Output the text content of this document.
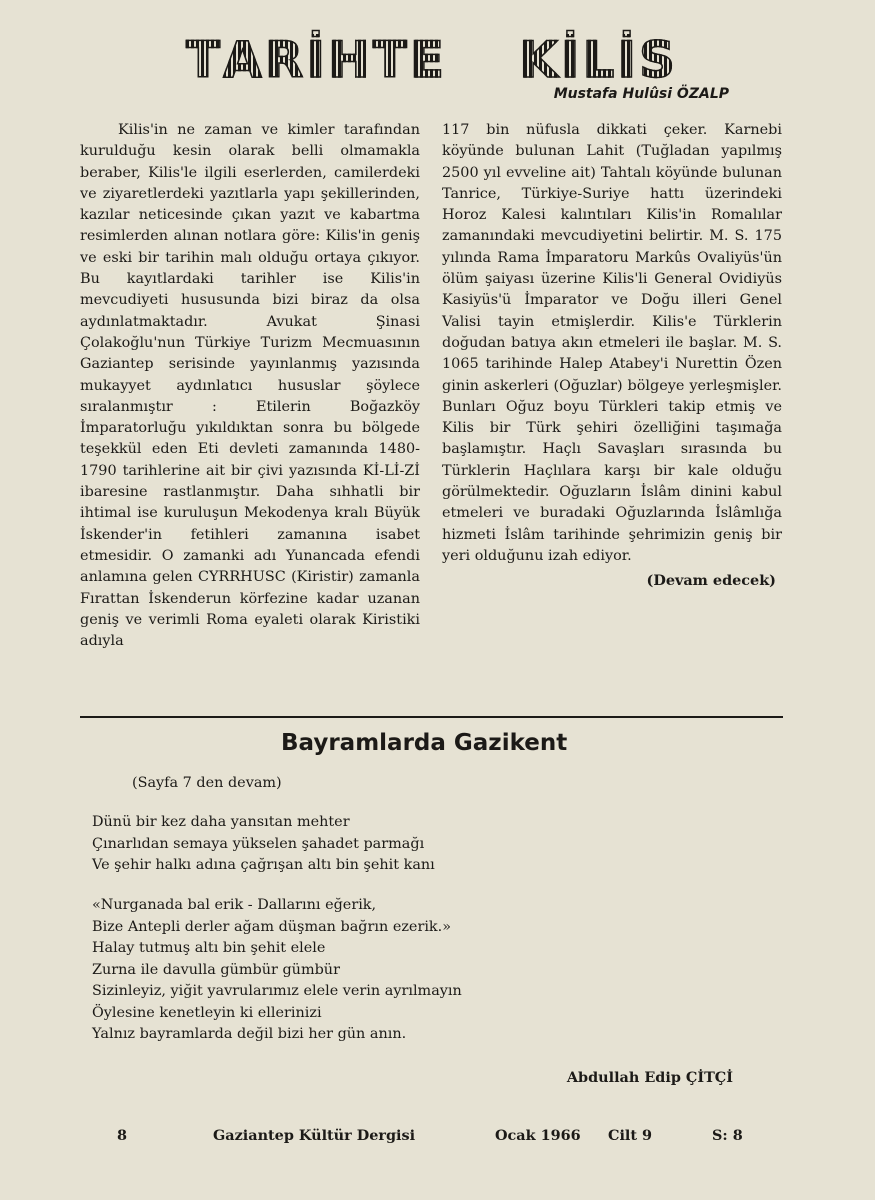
T A R İ H T E K İ L İ S
Mustafa Hulûsi ÖZALP

Kilis'in ne zaman ve kimler tarafından kurulduğu kesin olarak belli olmamakla beraber, Kilis'le ilgili eserlerden, camilerdeki ve ziyaretlerdeki yazıtlarla yapı şekillerinden, kazılar neticesinde çıkan yazıt ve kabartma resimlerden alınan notlara göre: Kilis'in geniş ve eski bir tarihin malı olduğu ortaya çıkıyor. Bu kayıtlardaki tarihler ise Kilis'in mevcudiyeti hususunda bizi biraz da olsa aydınlatmaktadır. Avukat Şinasi Çolakoğlu'nun Türkiye Turizm Mecmuasının Gaziantep serisinde yayınlanmış yazısında mukayyet aydınlatıcı hususlar şöylece sıralanmıştır : Etilerin Boğazköy İmparatorluğu yıkıldıktan sonra bu bölgede teşekkül eden Eti devleti zamanında 1480-1790 tarihlerine ait bir çivi yazısında Kİ-Lİ-Zİ ibaresine rastlanmıştır. Daha sıhhatli bir ihtimal ise kuruluşun Mekodenya kralı Büyük İskender'in fetihleri zamanına isabet etmesidir. O zamanki adı Yunancada efendi anlamına gelen CYRRHUSC (Kiristir) zamanla Fırattan İskenderun körfezine kadar uzanan geniş ve verimli Roma eyaleti olarak Kiristiki adıyla

117 bin nüfusla dikkati çeker. Karnebi köyünde bulunan Lahit (Tuğladan yapılmış 2500 yıl evveline ait) Tahtalı köyünde bulunan Tanrice, Türkiye-Suriye hattı üzerindeki Horoz Kalesi kalıntıları Kilis'in Romalılar zamanındaki mevcudiyetini belirtir. M. S. 175 yılında Rama İmparatoru Markûs Ovaliyüs'ün ölüm şaiyası üzerine Kilis'li General Ovidiyüs Kasiyüs'ü İmparator ve Doğu illeri Genel Valisi tayin etmişlerdir. Kilis'e Türklerin doğudan batıya akın etmeleri ile başlar. M. S. 1065 tarihinde Halep Atabey'i Nurettin Özen ginin askerleri (Oğuzlar) bölgeye yerleşmişler. Bunları Oğuz boyu Türkleri takip etmiş ve Kilis bir Türk şehiri özelliğini taşımağa başlamıştır. Haçlı Savaşları sırasında bu Türklerin Haçlılara karşı bir kale olduğu görülmektedir. Oğuzların İslâm dinini kabul etmeleri ve buradaki Oğuzlarında İslâmlığa hizmeti İslâm tarihinde şehrimizin geniş bir yeri olduğunu izah ediyor.

(Devam edecek)

Bayramlarda Gazikent
(Sayfa 7 den devam)
Dünü bir kez daha yansıtan mehter
Çınarlıdan semaya yükselen şahadet parmağı
Ve şehir halkı adına çağrışan altı bin şehit kanı
«Nurganada bal erik - Dallarını eğerik,
Bize Antepli derler ağam düşman bağrın ezerik.»
Halay tutmuş altı bin şehit elele
Zurna ile davulla gümbür gümbür
Sizinleyiz, yiğit yavrularımız elele verin ayrılmayın
Öylesine kenetleyin ki ellerinizi
Yalnız bayramlarda değil bizi her gün anın.
Abdullah Edip ÇİTÇİ
8	Gaziantep Kültür Dergisi	Ocak 1966 Cilt 9	S: 8
